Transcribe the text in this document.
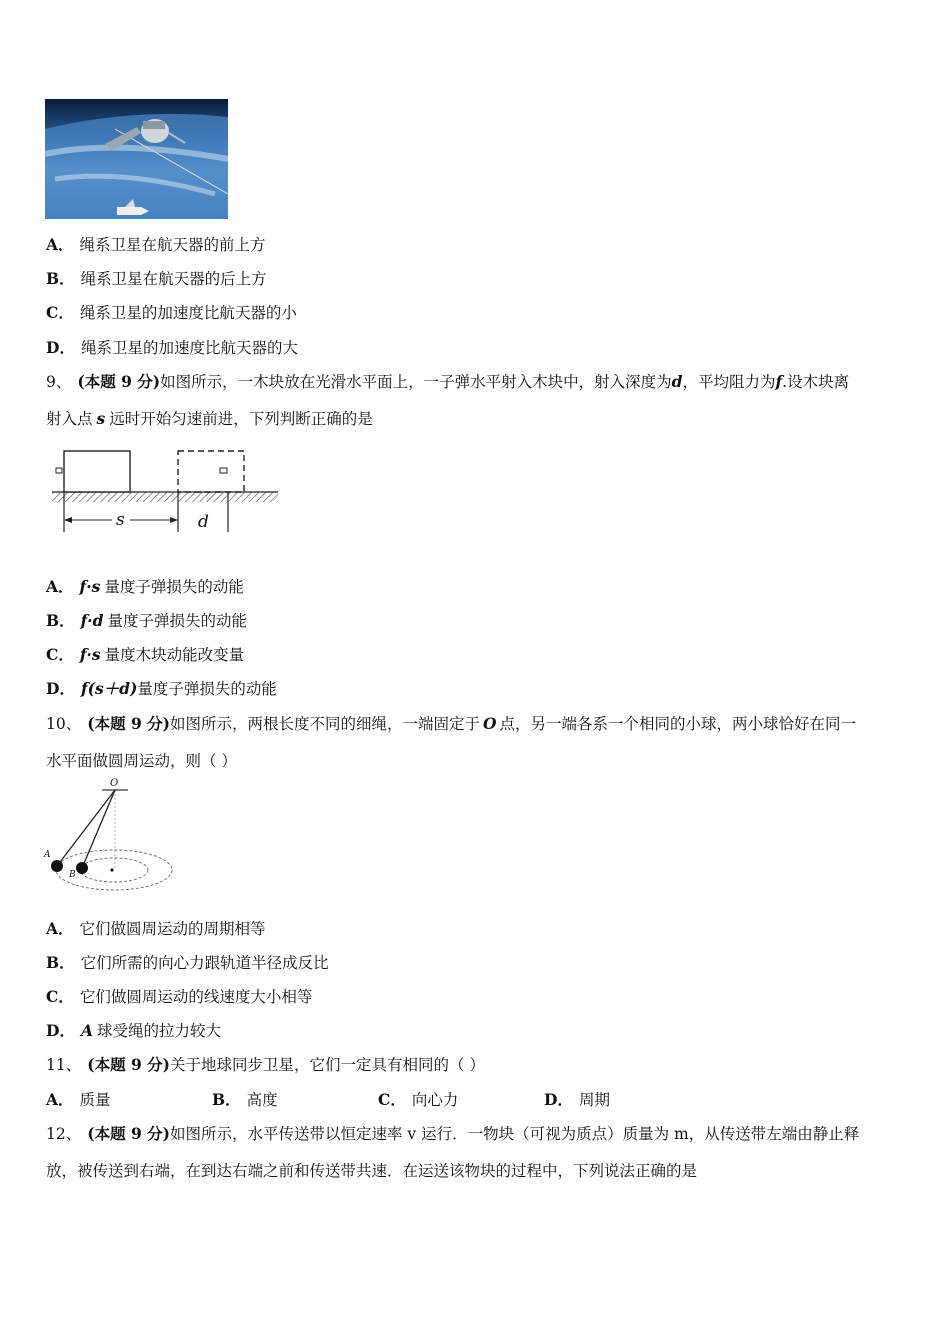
A． 绳系卫星在航天器的前上方
B． 绳系卫星在航天器的后上方
C． 绳系卫星的加速度比航天器的小
D． 绳系卫星的加速度比航天器的大
9、 (本题 9 分)如图所示，一木块放在光滑水平面上，一子弹水平射入木块中，射入深度为d，平均阻力为f.设木块离
射入点 s 远时开始匀速前进，下列判断正确的是
s	d
A． f·s 量度子弹损失的动能
B． f·d 量度子弹损失的动能
C． f·s 量度木块动能改变量
D． f(s＋d)量度子弹损失的动能
10、 (本题 9 分)如图所示，两根长度不同的细绳，一端固定于 O 点，另一端各系一个相同的小球，两小球恰好在同一
水平面做圆周运动，则（ ）
O
A
B
A． 它们做圆周运动的周期相等
B． 它们所需的向心力跟轨道半径成反比
C． 它们做圆周运动的线速度大小相等
D． A 球受绳的拉力较大
11、 (本题 9 分)关于地球同步卫星，它们一定具有相同的（ ）
A． 质量	B． 高度	C． 向心力	D． 周期
12、 (本题 9 分)如图所示，水平传送带以恒定速率 v 运行．一物块（可视为质点）质量为 m，从传送带左端由静止释
放，被传送到右端，在到达右端之前和传送带共速．在运送该物块的过程中，下列说法正确的是
